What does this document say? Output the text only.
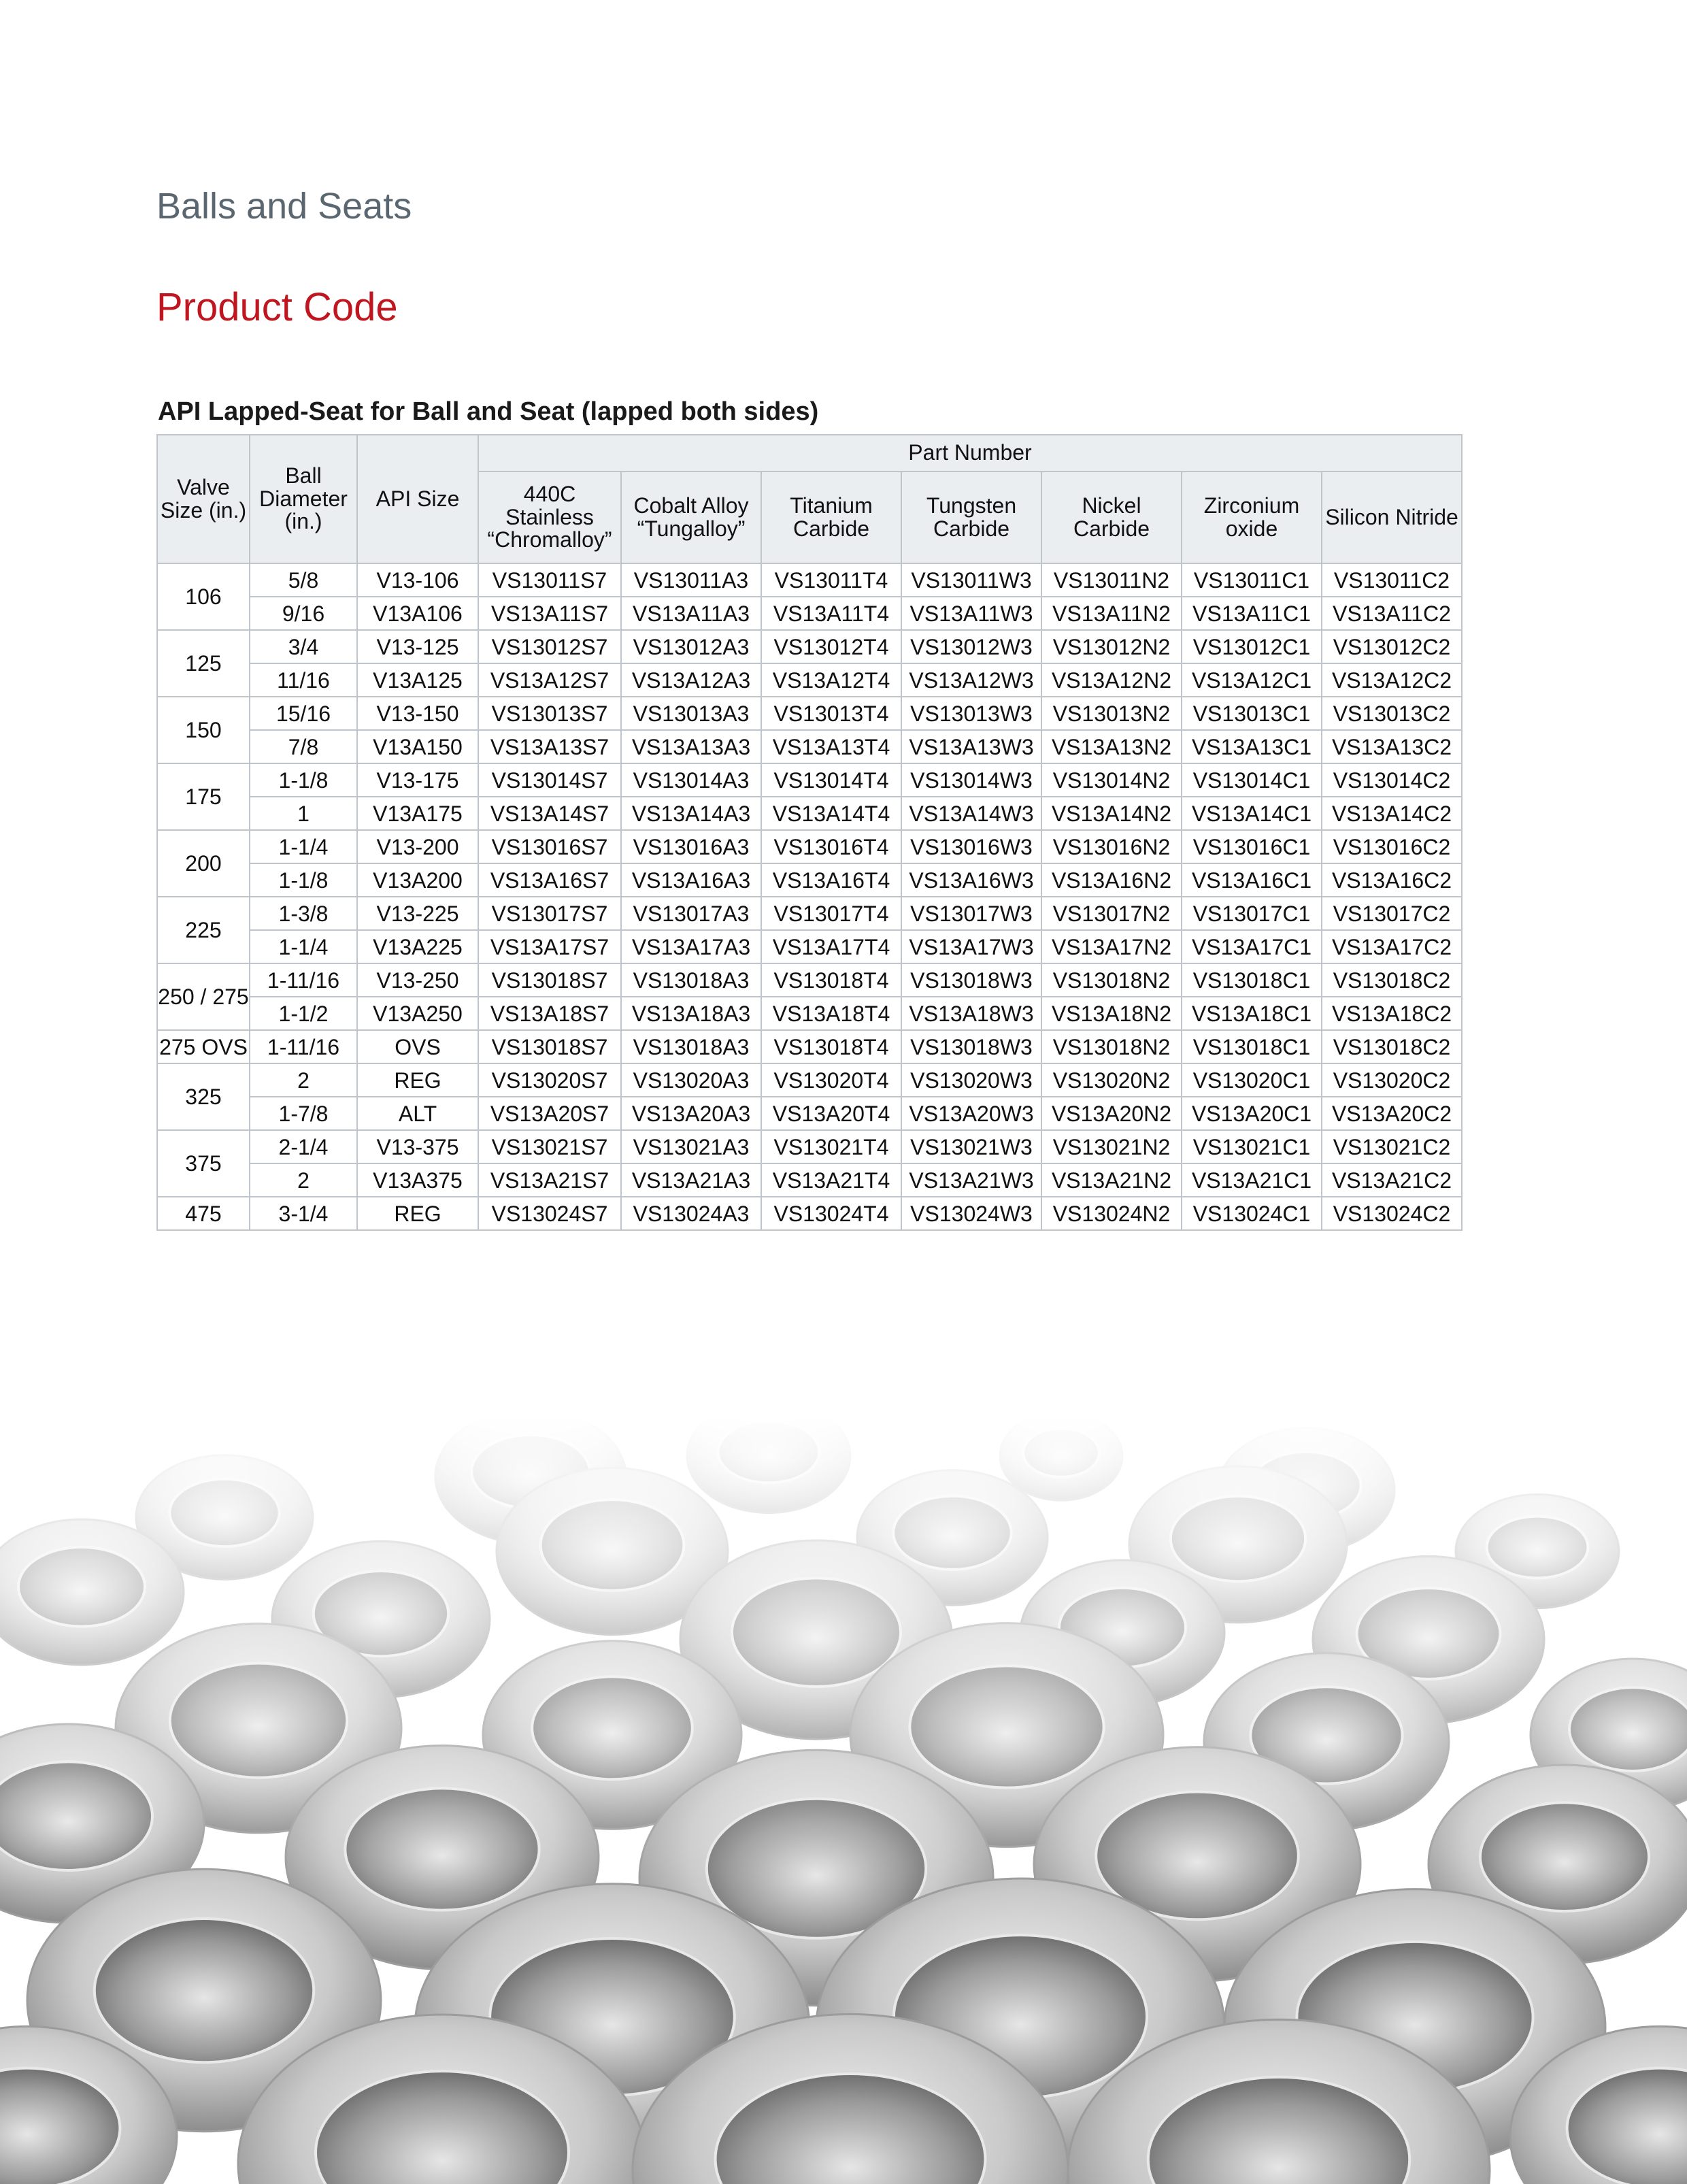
Balls and Seats
Product Code
API Lapped-Seat for Ball and Seat (lapped both sides)
Valve Size (in.)	Ball Diameter (in.)	API Size	Part Number						
			440C Stainless “Chromalloy”	Cobalt Alloy “Tungalloy”	Titanium Carbide	Tungsten Carbide	Nickel Carbide	Zirconium oxide	Silicon Nitride
106	5/8	V13-106	VS13011S7	VS13011A3	VS13011T4	VS13011W3	VS13011N2	VS13011C1	VS13011C2
	9/16	V13A106	VS13A11S7	VS13A11A3	VS13A11T4	VS13A11W3	VS13A11N2	VS13A11C1	VS13A11C2
125	3/4	V13-125	VS13012S7	VS13012A3	VS13012T4	VS13012W3	VS13012N2	VS13012C1	VS13012C2
	11/16	V13A125	VS13A12S7	VS13A12A3	VS13A12T4	VS13A12W3	VS13A12N2	VS13A12C1	VS13A12C2
150	15/16	V13-150	VS13013S7	VS13013A3	VS13013T4	VS13013W3	VS13013N2	VS13013C1	VS13013C2
	7/8	V13A150	VS13A13S7	VS13A13A3	VS13A13T4	VS13A13W3	VS13A13N2	VS13A13C1	VS13A13C2
175	1-1/8	V13-175	VS13014S7	VS13014A3	VS13014T4	VS13014W3	VS13014N2	VS13014C1	VS13014C2
	1	V13A175	VS13A14S7	VS13A14A3	VS13A14T4	VS13A14W3	VS13A14N2	VS13A14C1	VS13A14C2
200	1-1/4	V13-200	VS13016S7	VS13016A3	VS13016T4	VS13016W3	VS13016N2	VS13016C1	VS13016C2
	1-1/8	V13A200	VS13A16S7	VS13A16A3	VS13A16T4	VS13A16W3	VS13A16N2	VS13A16C1	VS13A16C2
225	1-3/8	V13-225	VS13017S7	VS13017A3	VS13017T4	VS13017W3	VS13017N2	VS13017C1	VS13017C2
	1-1/4	V13A225	VS13A17S7	VS13A17A3	VS13A17T4	VS13A17W3	VS13A17N2	VS13A17C1	VS13A17C2
250 / 275	1-11/16	V13-250	VS13018S7	VS13018A3	VS13018T4	VS13018W3	VS13018N2	VS13018C1	VS13018C2
	1-1/2	V13A250	VS13A18S7	VS13A18A3	VS13A18T4	VS13A18W3	VS13A18N2	VS13A18C1	VS13A18C2
275 OVS	1-11/16	OVS	VS13018S7	VS13018A3	VS13018T4	VS13018W3	VS13018N2	VS13018C1	VS13018C2
325	2	REG	VS13020S7	VS13020A3	VS13020T4	VS13020W3	VS13020N2	VS13020C1	VS13020C2
	1-7/8	ALT	VS13A20S7	VS13A20A3	VS13A20T4	VS13A20W3	VS13A20N2	VS13A20C1	VS13A20C2
375	2-1/4	V13-375	VS13021S7	VS13021A3	VS13021T4	VS13021W3	VS13021N2	VS13021C1	VS13021C2
	2	V13A375	VS13A21S7	VS13A21A3	VS13A21T4	VS13A21W3	VS13A21N2	VS13A21C1	VS13A21C2
475	3-1/4	REG	VS13024S7	VS13024A3	VS13024T4	VS13024W3	VS13024N2	VS13024C1	VS13024C2
